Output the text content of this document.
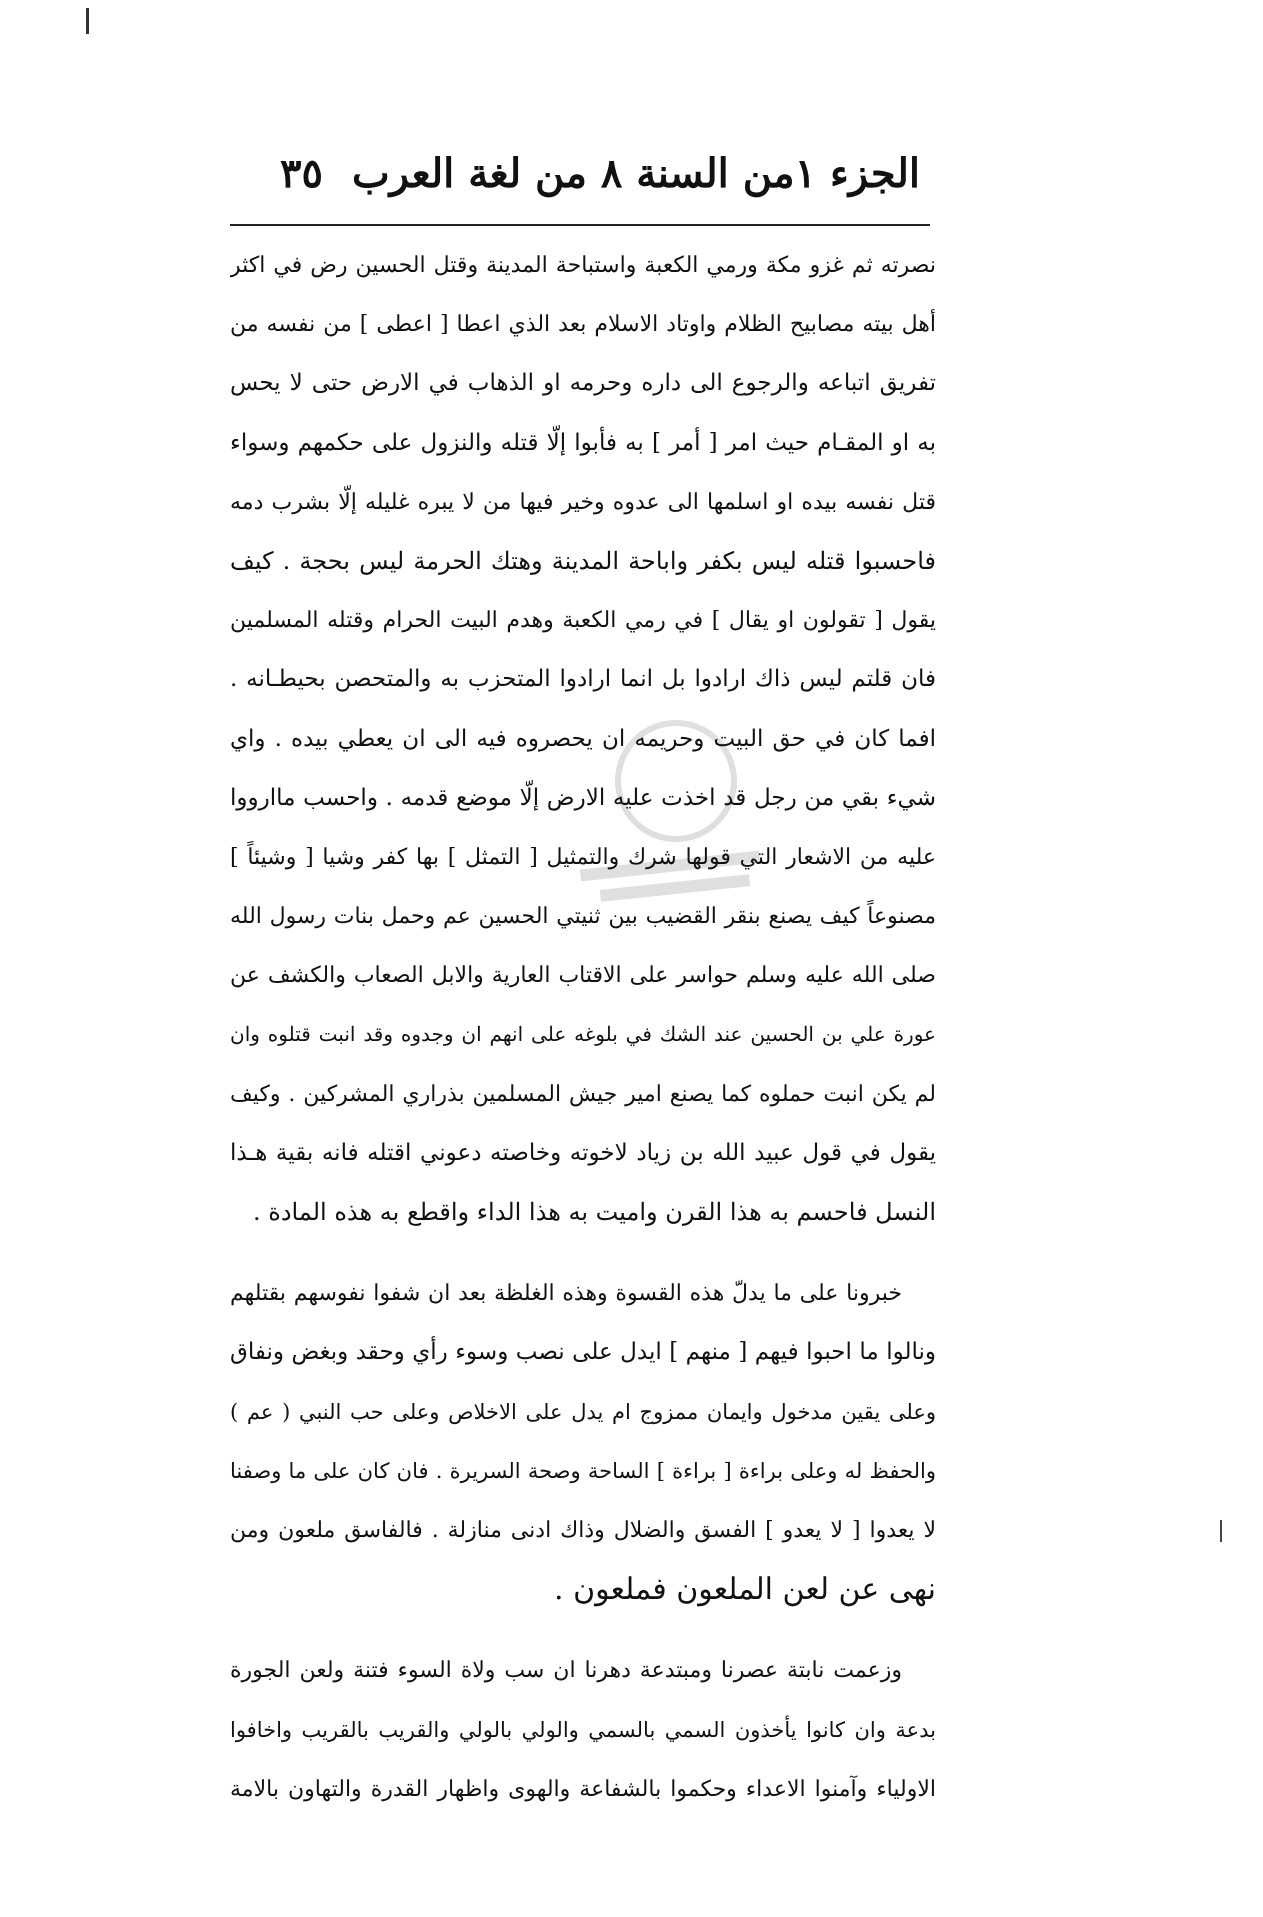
الجزء ١من السنة ٨ من لغة العرب
٣٥
نصرته ثم غزو مكة ورمي الكعبة واستباحة المدينة وقتل الحسين رض في اكثر
أهل بيته مصابيح الظلام واوتاد الاسلام بعد الذي اعطا [ اعطى ] من نفسه من
تفريق اتباعه والرجوع الى داره وحرمه او الذهاب في الارض حتى لا يحس
به او المقـام حيث امر [ أمر ] به فأبوا إلّا قتله والنزول على حكمهم وسواء
قتل نفسه بيده او اسلمها الى عدوه وخير فيها من لا يبره غليله إلّا بشرب دمه
فاحسبوا قتله ليس بكفر واباحة المدينة وهتك الحرمة ليس بحجة . كيف
يقول [ تقولون او يقال ] في رمي الكعبة وهدم البيت الحرام وقتله المسلمين
فان قلتم ليس ذاك ارادوا بل انما ارادوا المتحزب به والمتحصن بحيطـانه .
افما كان في حق البيت وحريمه ان يحصروه فيه الى ان يعطي بيده . واي
شيء بقي من رجل قد اخذت عليه الارض إلّا موضع قدمه . واحسب ماارووا
عليه من الاشعار التي قولها شرك والتمثيل [ التمثل ] بها كفر وشيا [ وشيئاً ]
مصنوعاً كيف يصنع بنقر القضيب بين ثنيتي الحسين عم وحمل بنات رسول الله
صلى الله عليه وسلم حواسر على الاقتاب العارية والابل الصعاب والكشف عن
عورة علي بن الحسين عند الشك في بلوغه على انهم ان وجدوه وقد انبت قتلوه وان
لم يكن انبت حملوه كما يصنع امير جيش المسلمين بذراري المشركين . وكيف
يقول في قول عبيد الله بن زياد لاخوته وخاصته دعوني اقتله فانه بقية هـذا
النسل فاحسم به هذا القرن واميت به هذا الداء واقطع به هذه المادة .
خبرونا على ما يدلّ هذه القسوة وهذه الغلظة بعد ان شفوا نفوسهم بقتلهم
ونالوا ما احبوا فيهم [ منهم ] ايدل على نصب وسوء رأي وحقد وبغض ونفاق
وعلى يقين مدخول وايمان ممزوج ام يدل على الاخلاص وعلى حب النبي ( عم )
والحفظ له وعلى براءة [ براءة ] الساحة وصحة السريرة . فان كان على ما وصفنا
لا يعدوا [ لا يعدو ] الفسق والضلال وذاك ادنى منازلة . فالفاسق ملعون ومن
نهى عن لعن الملعون فملعون .
وزعمت نابتة عصرنا ومبتدعة دهرنا ان سب ولاة السوء فتنة ولعن الجورة
بدعة وان كانوا يأخذون السمي بالسمي والولي بالولي والقريب بالقريب واخافوا
الاولياء وآمنوا الاعداء وحكموا بالشفاعة والهوى واظهار القدرة والتهاون بالامة
